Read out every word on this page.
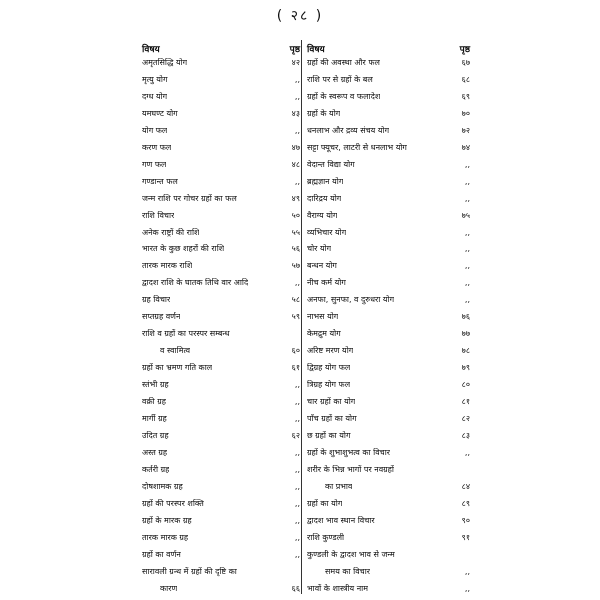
( २८ )
विषय	पृष्ठ
अमृतसिद्धि योग	४२
मृत्यु योग	,,
दग्ध योग	,,
यमघण्ट योग	४३
योग फल	,,
करण फल	४७
गण फल	४८
गण्डान्त फल	,,
जन्म राशि पर गोचर ग्रहों का फल	४९
राशि विचार	५०
अनेक राष्ट्रों की राशि	५५
भारत के कुछ शहरों की राशि	५६
तारक मारक राशि	५७
द्वादश राशि के घातक तिथि वार आदि	,,
ग्रह विचार	५८
सप्तग्रह वर्णन	५९
राशि व ग्रहों का परस्पर सम्बन्ध
व स्वामित्व	६०
ग्रहों का भ्रमण गति काल	६१
स्तंभी ग्रह	,,
वक्री ग्रह	,,
मार्गी ग्रह	,,
उदित ग्रह	६२
अस्त ग्रह	,,
कर्तरी ग्रह	,,
दोषशामक ग्रह	,,
ग्रहों की परस्पर शक्ति	,,
ग्रहों के मारक ग्रह	,,
तारक मारक ग्रह	,,
ग्रहों का वर्णन	,,
सारावली ग्रन्थ में ग्रहों की दृष्टि का
कारण	६६
विषय	पृष्ठ
ग्रहों की अवस्था और फल	६७
राशि पर से ग्रहों के बल	६८
ग्रहों के स्वरूप व फलादेश	६९
ग्रहों के योग	७०
धनलाभ और द्रव्य संचय योग	७२
सट्टा फ्यूचर, लाटरी से धनलाभ योग	७४
वेदान्त विद्या योग	,,
ब्रह्मज्ञान योग	,,
दारिद्रय योग	,,
वैराग्य योग	७५
व्यभिचार योग	,,
चोर योग	,,
बन्धन योग	,,
नीच कर्म योग	,,
अनफा, सुनफा, व दुरुधरा योग	,,
नाभस योग	७६
केमद्रुम योग	७७
अरिष्ट मरण योग	७८
द्विग्रह योग फल	७९
त्रिग्रह योग फल	८०
चार ग्रहों का योग	८१
पाँच ग्रहों का योग	८२
छ ग्रहों का योग	८३
ग्रहों के शुभाशुभत्व का विचार	,,
शरीर के भिन्न भागों पर नवग्रहों
का प्रभाव	८४
ग्रहों का योग	८९
द्वादश भाव स्थान विचार	९०
राशि कुण्डली	९१
कुण्डली के द्वादश भाव से जन्म
समय का विचार	,,
भावों के शास्त्रीय नाम	,,
